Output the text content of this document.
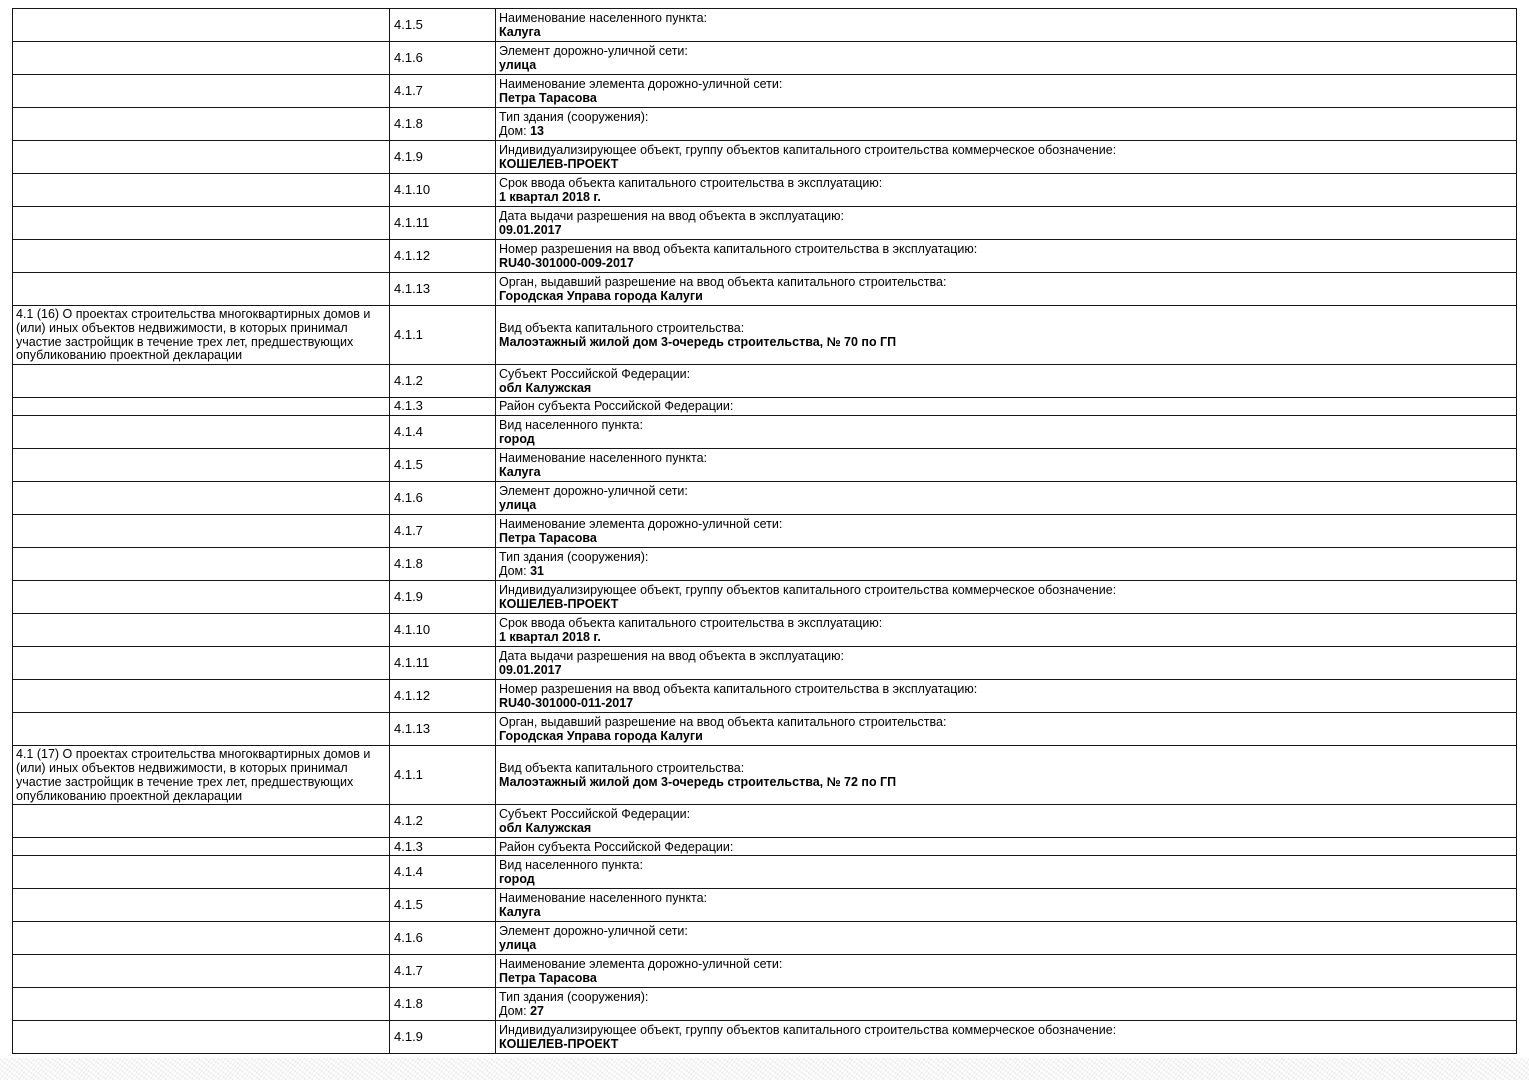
	4.1.5	Наименование населенного пункта:
Калуга

	4.1.6	Элемент дорожно-уличной сети:
улица

	4.1.7	Наименование элемента дорожно-уличной сети:
Петра Тарасова

	4.1.8	Тип здания (сооружения):
Дом: 13

	4.1.9	Индивидуализирующее объект, группу объектов капитального строительства коммерческое обозначение:
КОШЕЛЕВ-ПРОЕКТ

	4.1.10	Срок ввода объекта капитального строительства в эксплуатацию:
1 квартал 2018 г.

	4.1.11	Дата выдачи разрешения на ввод объекта в эксплуатацию:
09.01.2017

	4.1.12	Номер разрешения на ввод объекта капитального строительства в эксплуатацию:
RU40-301000-009-2017

	4.1.13	Орган, выдавший разрешение на ввод объекта капитального строительства:
Городская Управа города Калуги

4.1 (16) О проектах строительства многоквартирных домов и (или) иных объектов недвижимости, в которых принимал участие застройщик в течение трех лет, предшествующих опубликованию проектной декларации	4.1.1	Вид объекта капитального строительства:
Малоэтажный жилой дом 3-очередь строительства, № 70 по ГП

	4.1.2	Субъект Российской Федерации:
обл Калужская

	4.1.3	Район субъекта Российской Федерации:

	4.1.4	Вид населенного пункта:
город

	4.1.5	Наименование населенного пункта:
Калуга

	4.1.6	Элемент дорожно-уличной сети:
улица

	4.1.7	Наименование элемента дорожно-уличной сети:
Петра Тарасова

	4.1.8	Тип здания (сооружения):
Дом: 31

	4.1.9	Индивидуализирующее объект, группу объектов капитального строительства коммерческое обозначение:
КОШЕЛЕВ-ПРОЕКТ

	4.1.10	Срок ввода объекта капитального строительства в эксплуатацию:
1 квартал 2018 г.

	4.1.11	Дата выдачи разрешения на ввод объекта в эксплуатацию:
09.01.2017

	4.1.12	Номер разрешения на ввод объекта капитального строительства в эксплуатацию:
RU40-301000-011-2017

	4.1.13	Орган, выдавший разрешение на ввод объекта капитального строительства:
Городская Управа города Калуги

4.1 (17) О проектах строительства многоквартирных домов и (или) иных объектов недвижимости, в которых принимал участие застройщик в течение трех лет, предшествующих опубликованию проектной декларации	4.1.1	Вид объекта капитального строительства:
Малоэтажный жилой дом 3-очередь строительства, № 72 по ГП

	4.1.2	Субъект Российской Федерации:
обл Калужская

	4.1.3	Район субъекта Российской Федерации:

	4.1.4	Вид населенного пункта:
город

	4.1.5	Наименование населенного пункта:
Калуга

	4.1.6	Элемент дорожно-уличной сети:
улица

	4.1.7	Наименование элемента дорожно-уличной сети:
Петра Тарасова

	4.1.8	Тип здания (сооружения):
Дом: 27

	4.1.9	Индивидуализирующее объект, группу объектов капитального строительства коммерческое обозначение:
КОШЕЛЕВ-ПРОЕКТ
